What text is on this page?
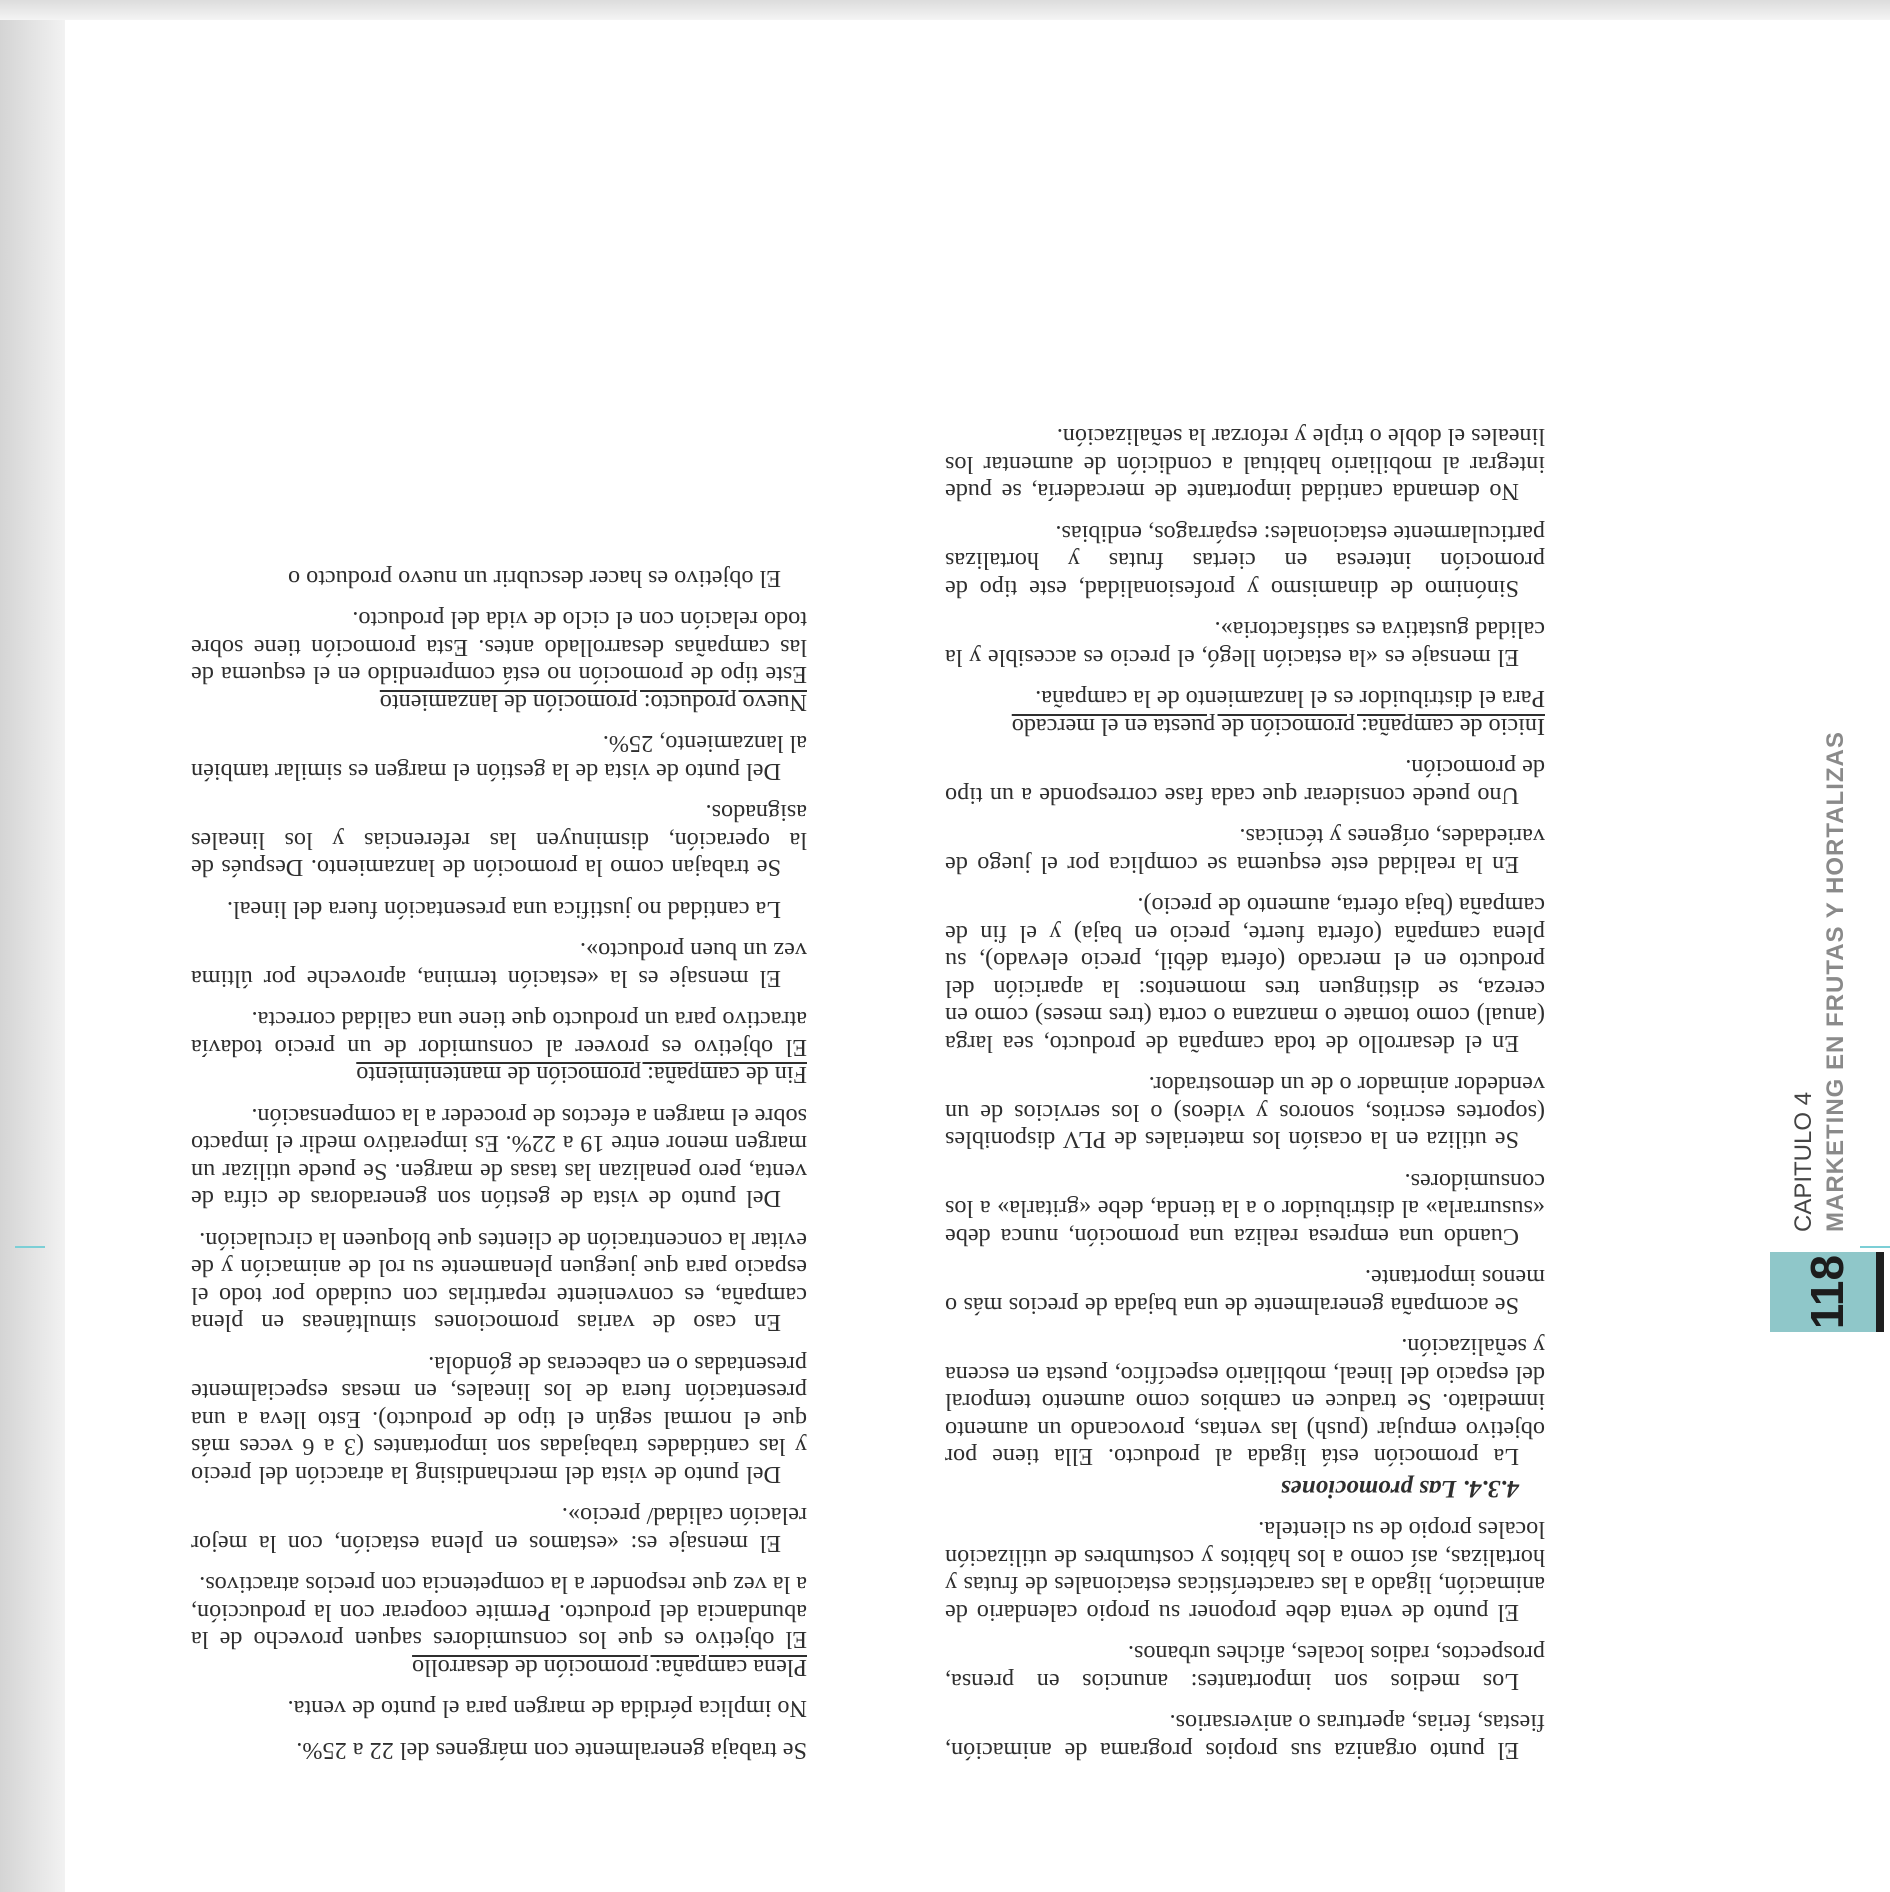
118
MARKETING EN FRUTAS Y HORTALIZAS
CAPITULO 4

El punto organiza sus propios programa de animación, fiestas, ferias, aperturas o aniversarios.

Los medios son importantes: anuncios en prensa, prospectos, radios locales, afiches urbanos.

El punto de venta debe proponer su propio calendario de animación, ligado a las características estacionales de frutas y hortalizas, así como a los hábitos y costumbres de utilización locales propio de su clientela.

4.3.4. Las promociones

La promoción está ligada al producto. Ella tiene por objetivo empujar (push) las ventas, provocando un aumento inmediato. Se traduce en cambios como aumento temporal del espacio del lineal, mobiliario específico, puesta en escena y señalización.

Se acompaña generalmente de una bajada de precios más o menos importante.

Cuando una empresa realiza una promoción, nunca debe «susurrarla» al distribuidor o a la tienda, debe «gritarla» a los consumidores.

Se utiliza en la ocasión los materiales de PLV disponibles (soportes escritos, sonoros y videos) o los servicios de un vendedor animador o de un demostrador.

En el desarrollo de toda campaña de producto, sea larga (anual) como tomate o manzana o corta (tres meses) como en cereza, se distinguen tres momentos: la aparición del producto en el mercado (oferta débil, precio elevado), su plena campaña (oferta fuerte, precio en baja) y el fin de campaña (baja oferta, aumento de precio).

En la realidad este esquema se complica por el juego de variedades, orígenes y técnicas.

Uno puede considerar que cada fase corresponde a un tipo de promoción.

Inicio de campaña: promoción de puesta en el mercado

Para el distribuidor es el lanzamiento de la campaña.

El mensaje es «la estación llegó, el precio es accesible y la calidad gustativa es satisfactoria».

Sinónimo de dinamismo y profesionalidad, este tipo de promoción interesa en ciertas frutas y hortalizas particularmente estacionales: espárragos, endibias.

No demanda cantidad importante de mercadería, se pude integrar al mobiliario habitual a condición de aumentar los lineales el doble o triple y reforzar la señalización.

Se trabaja generalmente con márgenes del 22 a 25%.

No implica pérdida de margen para el punto de venta.

Plena campaña: promoción de desarrollo

El objetivo es que los consumidores saquen provecho de la abundancia del producto. Permite cooperar con la producción, a la vez que responder a la competencia con precios atractivos.

El mensaje es: «estamos en plena estación, con la mejor relación calidad/ precio».

Del punto de vista del merchandising la atracción del precio y las cantidades trabajadas son importantes (3 a 6 veces más que el normal según el tipo de producto). Esto lleva a una presentación fuera de los lineales, en mesas especialmente presentadas o en cabeceras de góndola.

En caso de varias promociones simultáneas en plena campaña, es conveniente repartirlas con cuidado por todo el espacio para que jueguen plenamente su rol de animación y de evitar la concentración de clientes que bloqueen la circulación.

Del punto de vista de gestión son generadoras de cifra de venta, pero penalizan las tasas de margen. Se puede utilizar un margen menor entre 19 a 22%. Es imperativo medir el impacto sobre el margen a efectos de proceder a la compensación.

Fin de campaña: promoción de mantenimiento

El objetivo es proveer al consumidor de un precio todavía atractivo para un producto que tiene una calidad correcta.

El mensaje es la «estación termina, aproveche por última vez un buen producto».

La cantidad no justifica una presentación fuera del lineal.

Se trabajan como la promoción de lanzamiento. Después de la operación, disminuyen las referencias y los lineales asignados.

Del punto de vista de la gestión el margen es similar también al lanzamiento, 25%.

Nuevo producto: promoción de lanzamiento

Este tipo de promoción no está comprendido en el esquema de las campañas desarrollado antes. Esta promoción tiene sobre todo relación con el ciclo de vida del producto.

El objetivo es hacer descubrir un nuevo producto o
